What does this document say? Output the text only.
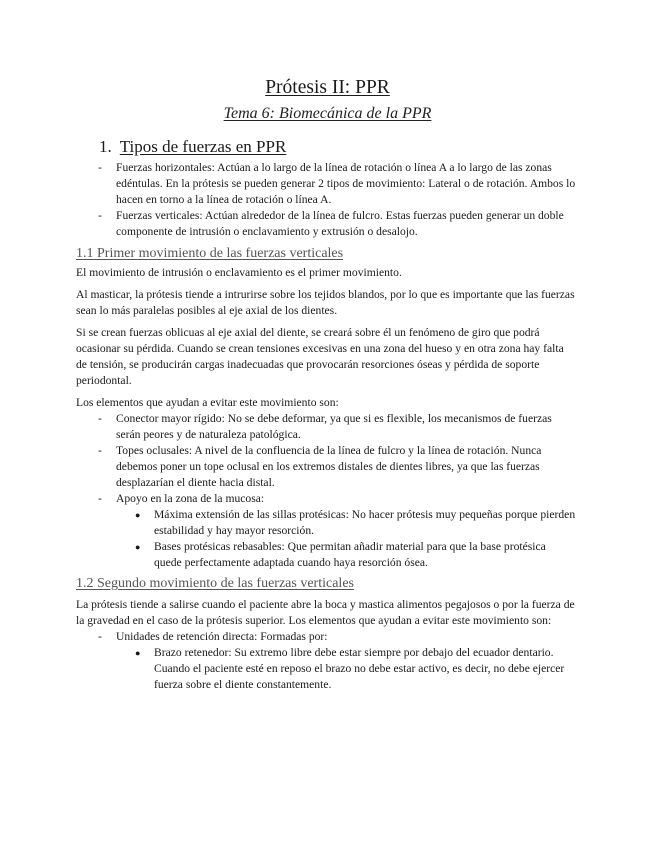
Prótesis II: PPR
Tema 6: Biomecánica de la PPR
1. Tipos de fuerzas en PPR
- Fuerzas horizontales: Actúan a lo largo de la línea de rotación o línea A a lo largo de las zonas edéntulas. En la prótesis se pueden generar 2 tipos de movimiento: Lateral o de rotación. Ambos lo hacen en torno a la línea de rotación o línea A.
- Fuerzas verticales: Actúan alrededor de la línea de fulcro. Estas fuerzas pueden generar un doble componente de intrusión o enclavamiento y extrusión o desalojo.
1.1 Primer movimiento de las fuerzas verticales

El movimiento de intrusión o enclavamiento es el primer movimiento.

Al masticar, la prótesis tiende a intrurirse sobre los tejidos blandos, por lo que es importante que las fuerzas sean lo más paralelas posibles al eje axial de los dientes.

Si se crean fuerzas oblicuas al eje axial del diente, se creará sobre él un fenómeno de giro que podrá ocasionar su pérdida. Cuando se crean tensiones excesivas en una zona del hueso y en otra zona hay falta de tensión, se producirán cargas inadecuadas que provocarán resorciones óseas y pérdida de soporte periodontal.

Los elementos que ayudan a evitar este movimiento son:

- Conector mayor rígido: No se debe deformar, ya que si es flexible, los mecanismos de fuerzas serán peores y de naturaleza patológica.
- Topes oclusales: A nivel de la confluencia de la línea de fulcro y la línea de rotación. Nunca debemos poner un tope oclusal en los extremos distales de dientes libres, ya que las fuerzas desplazarían el diente hacia distal.
- Apoyo en la zona de la mucosa:
● Máxima extensión de las sillas protésicas: No hacer prótesis muy pequeñas porque pierden estabilidad y hay mayor resorción.
● Bases protésicas rebasables: Que permitan añadir material para que la base protésica quede perfectamente adaptada cuando haya resorción ósea.
1.2 Segundo movimiento de las fuerzas verticales

La prótesis tiende a salirse cuando el paciente abre la boca y mastica alimentos pegajosos o por la fuerza de la gravedad en el caso de la prótesis superior. Los elementos que ayudan a evitar este movimiento son:

- Unidades de retención directa: Formadas por:
● Brazo retenedor: Su extremo libre debe estar siempre por debajo del ecuador dentario. Cuando el paciente esté en reposo el brazo no debe estar activo, es decir, no debe ejercer fuerza sobre el diente constantemente.
